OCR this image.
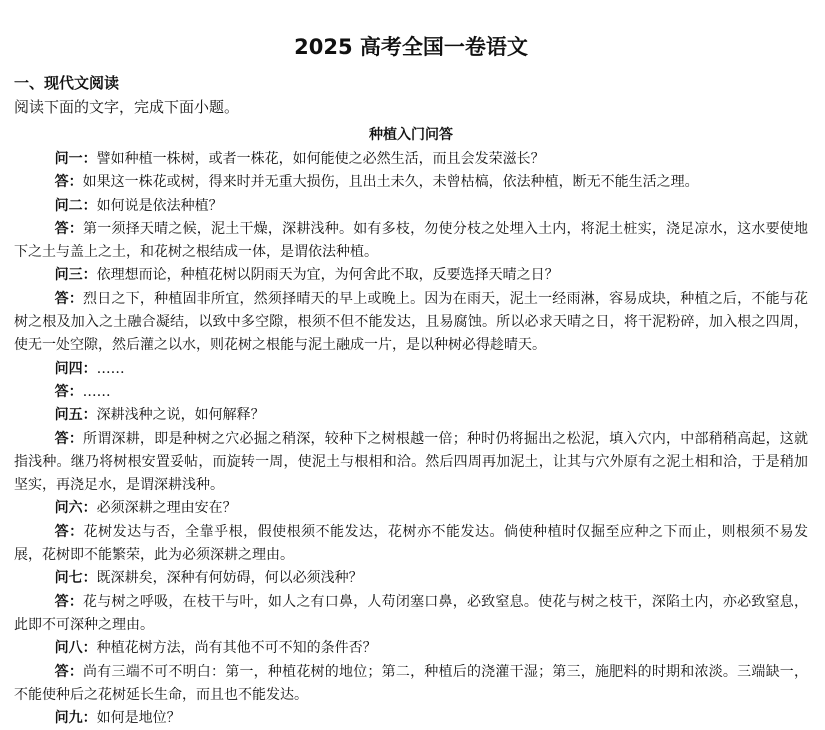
2025 高考全国一卷语文
一、现代文阅读
阅读下面的文字，完成下面小题。
种植入门问答

问一：譬如种植一株树，或者一株花，如何能使之必然生活，而且会发荣滋长？

答：如果这一株花或树，得来时并无重大损伤，且出土未久，未曾枯槁，依法种植，断无不能生活之理。

问二：如何说是依法种植？

答：第一须择天晴之候，泥土干燥，深耕浅种。如有多枝，勿使分枝之处埋入土内，将泥土桩实，浇足凉水，这水要使地下之土与盖上之土，和花树之根结成一体，是谓依法种植。

问三：依理想而论，种植花树以阴雨天为宜，为何舍此不取，反要选择天晴之日？

答：烈日之下，种植固非所宜，然须择晴天的早上或晚上。因为在雨天，泥土一经雨淋，容易成块，种植之后，不能与花树之根及加入之土融合凝结，以致中多空隙，根须不但不能发达，且易腐蚀。所以必求天晴之日，将干泥粉碎，加入根之四周，使无一处空隙，然后灌之以水，则花树之根能与泥土融成一片，是以种树必得趁晴天。

问四：……

答：……

问五：深耕浅种之说，如何解释？

答：所谓深耕，即是种树之穴必掘之稍深，较种下之树根越一倍；种时仍将掘出之松泥，填入穴内，中部稍稍高起，这就指浅种。继乃将树根安置妥帖，而旋转一周，使泥土与根相和洽。然后四周再加泥土，让其与穴外原有之泥土相和洽，于是稍加坚实，再浇足水，是谓深耕浅种。

问六：必须深耕之理由安在？

答：花树发达与否，全靠乎根，假使根须不能发达，花树亦不能发达。倘使种植时仅掘至应种之下而止，则根须不易发展，花树即不能繁荣，此为必须深耕之理由。

问七：既深耕矣，深种有何妨碍，何以必须浅种？

答：花与树之呼吸，在枝干与叶，如人之有口鼻，人苟闭塞口鼻，必致窒息。使花与树之枝干，深陷土内，亦必致窒息，此即不可深种之理由。

问八：种植花树方法，尚有其他不可不知的条件否？

答：尚有三端不可不明白：第一，种植花树的地位；第二，种植后的浇灌干湿；第三，施肥料的时期和浓淡。三端缺一，不能使种后之花树延长生命，而且也不能发达。

问九：如何是地位？
